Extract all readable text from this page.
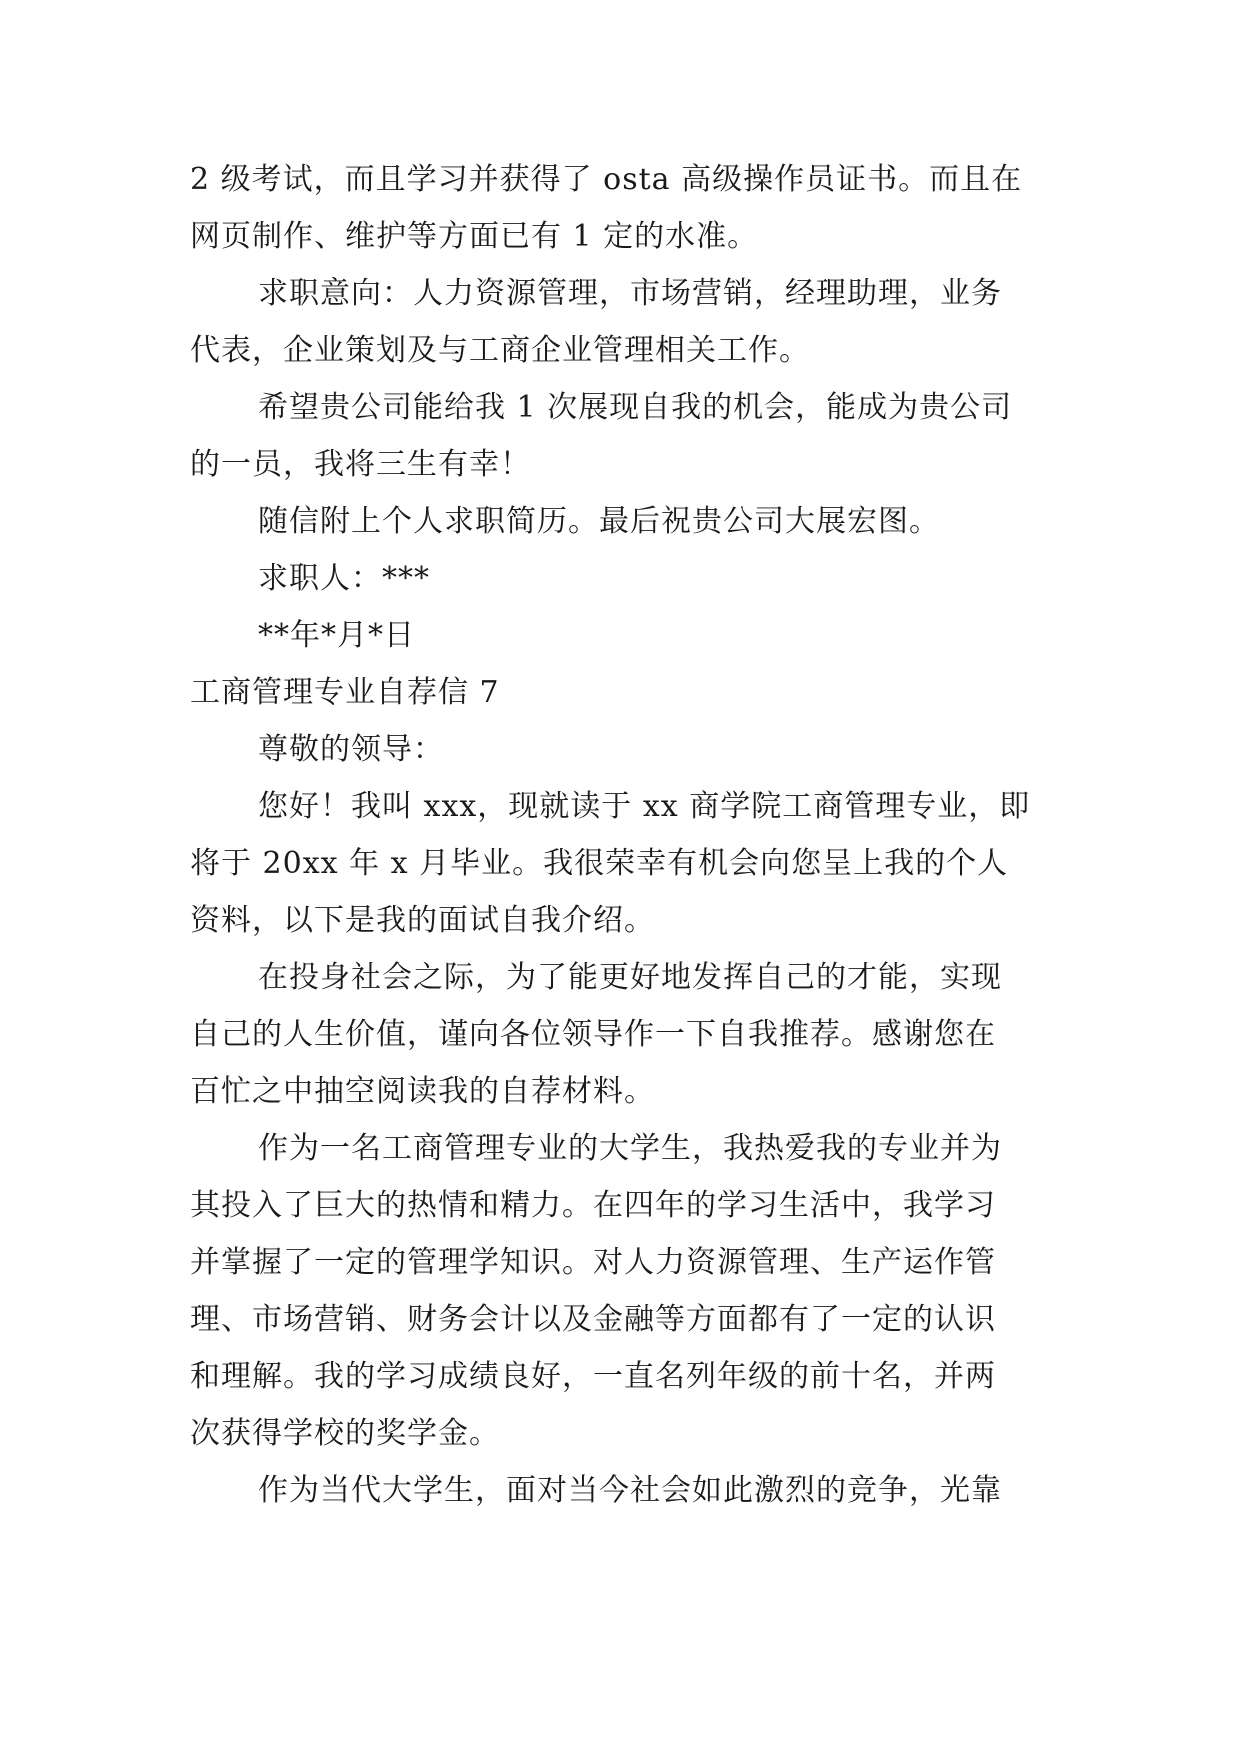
2 级考试，而且学习并获得了 osta 高级操作员证书。而且在
网页制作、维护等方面已有 1 定的水准。
求职意向：人力资源管理，市场营销，经理助理，业务
代表，企业策划及与工商企业管理相关工作。
希望贵公司能给我 1 次展现自我的机会，能成为贵公司
的一员，我将三生有幸！
随信附上个人求职简历。最后祝贵公司大展宏图。
求职人：***
**年*月*日
工商管理专业自荐信 7
尊敬的领导：
您好！我叫 xxx，现就读于 xx 商学院工商管理专业，即
将于 20xx 年 x 月毕业。我很荣幸有机会向您呈上我的个人
资料，以下是我的面试自我介绍。
在投身社会之际，为了能更好地发挥自己的才能，实现
自己的人生价值，谨向各位领导作一下自我推荐。感谢您在
百忙之中抽空阅读我的自荐材料。
作为一名工商管理专业的大学生，我热爱我的专业并为
其投入了巨大的热情和精力。在四年的学习生活中，我学习
并掌握了一定的管理学知识。对人力资源管理、生产运作管
理、市场营销、财务会计以及金融等方面都有了一定的认识
和理解。我的学习成绩良好，一直名列年级的前十名，并两
次获得学校的奖学金。
作为当代大学生，面对当今社会如此激烈的竞争，光靠
